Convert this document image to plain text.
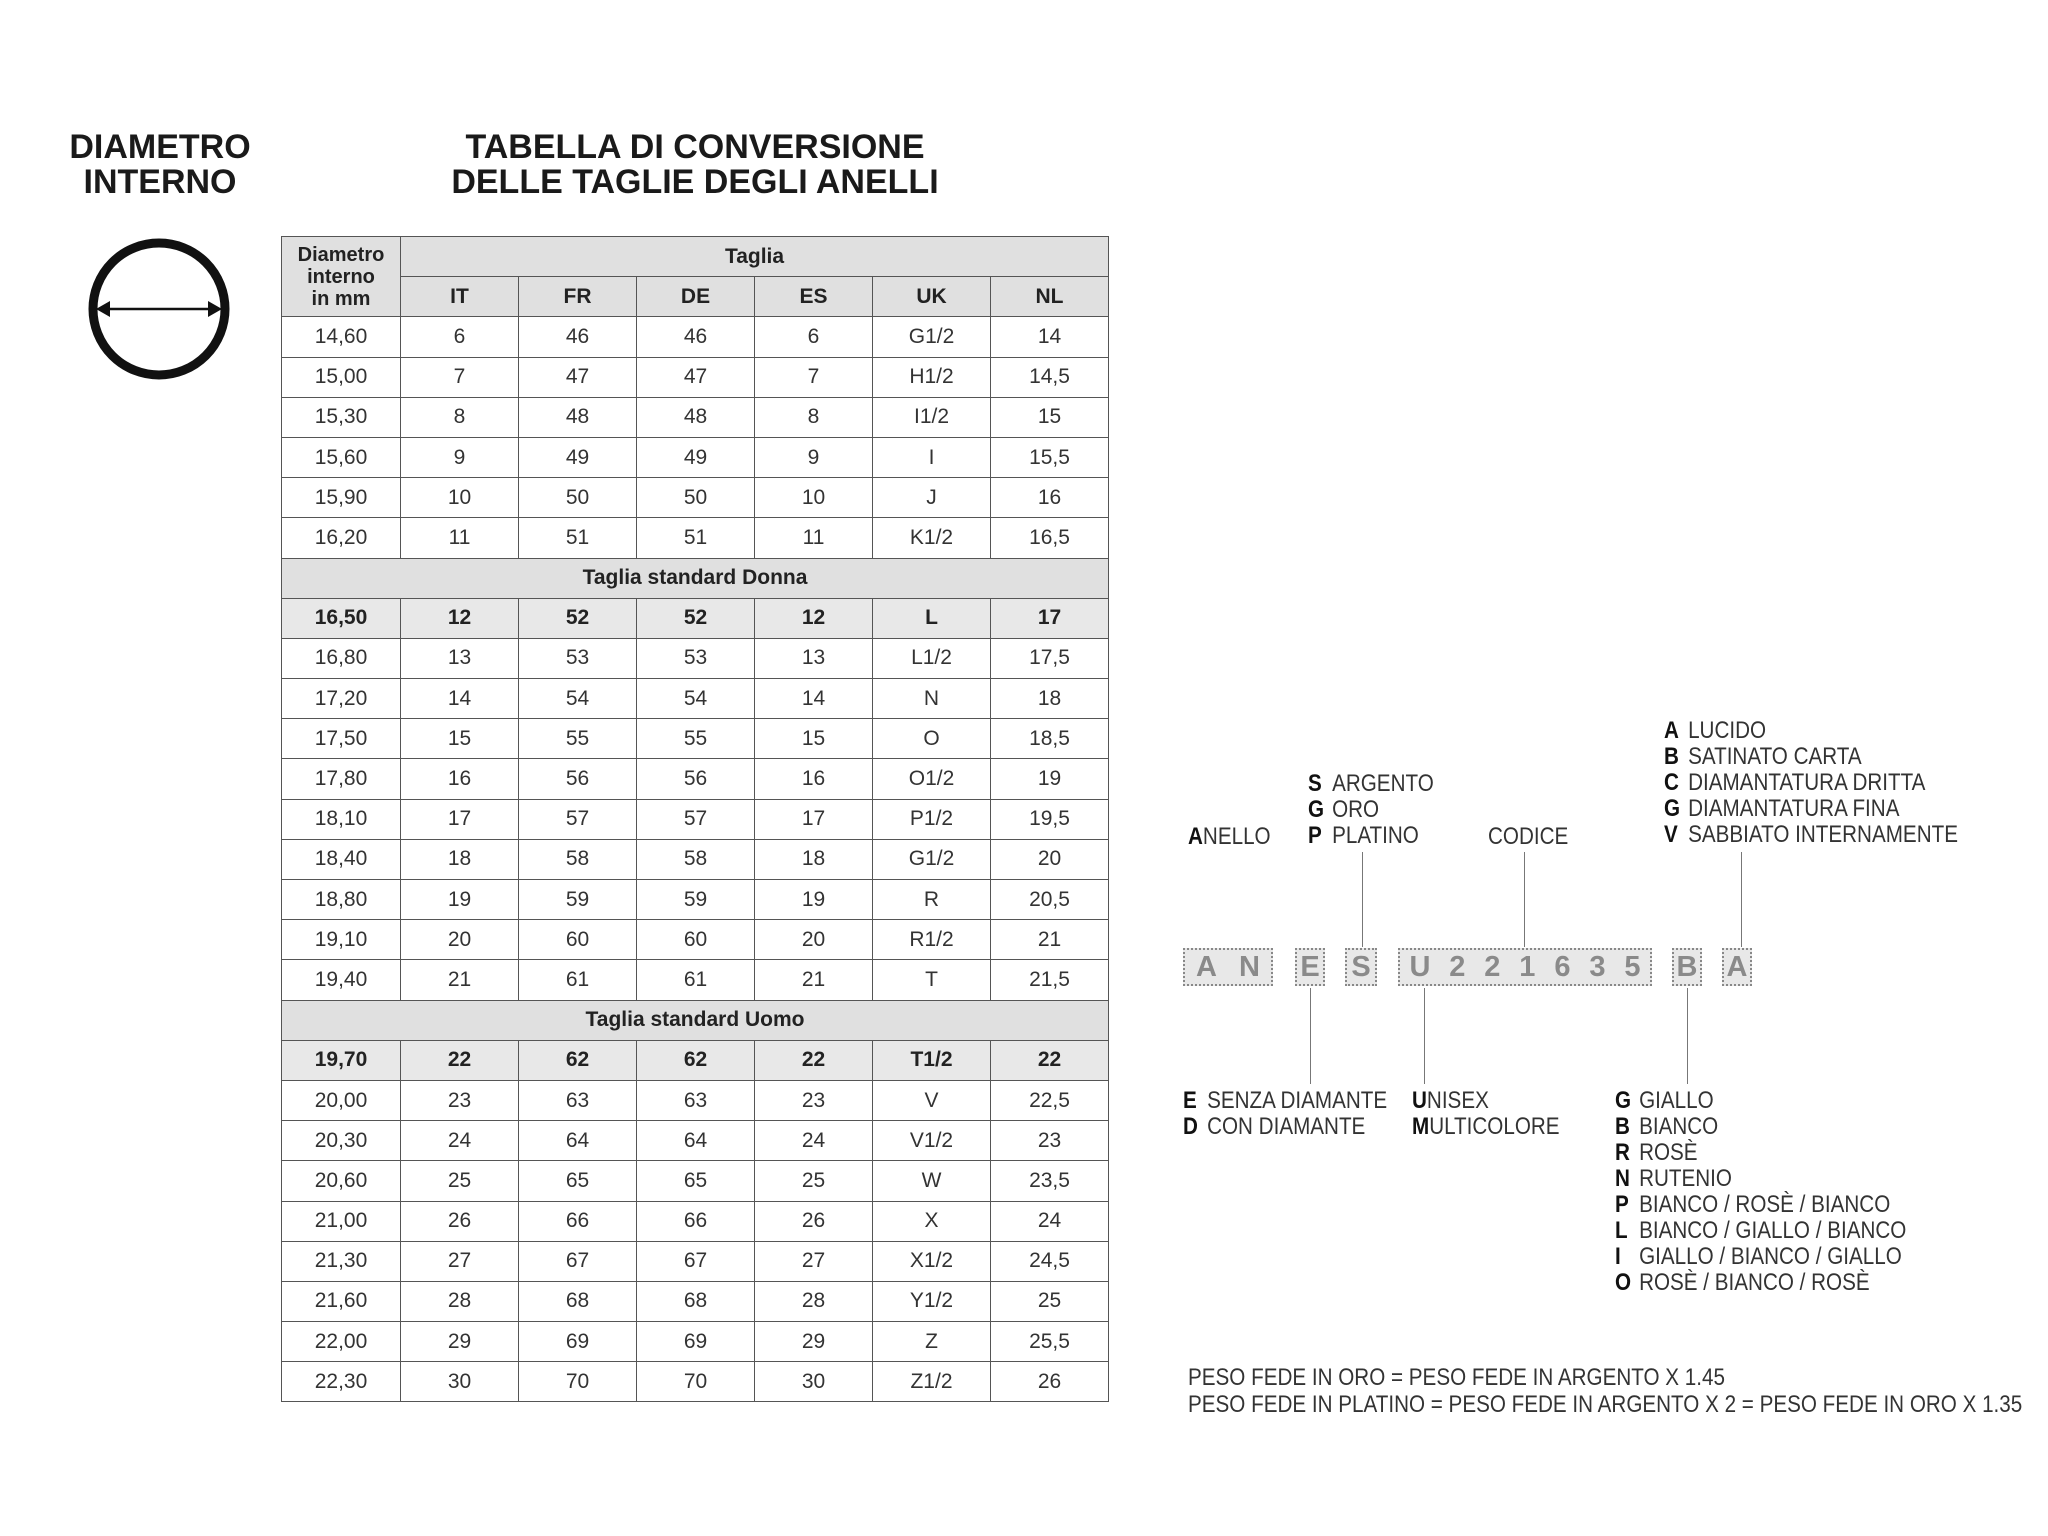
DIAMETRO
INTERNO
TABELLA DI CONVERSIONE
DELLE TAGLIE DEGLI ANELLI
Diametro
interno
in mm	Taglia					
	IT	FR	DE	ES	UK	NL
14,60	6	46	46	6	G1/2	14
15,00	7	47	47	7	H1/2	14,5
15,30	8	48	48	8	I1/2	15
15,60	9	49	49	9	I	15,5
15,90	10	50	50	10	J	16
16,20	11	51	51	11	K1/2	16,5
Taglia standard Donna						
16,50	12	52	52	12	L	17
16,80	13	53	53	13	L1/2	17,5
17,20	14	54	54	14	N	18
17,50	15	55	55	15	O	18,5
17,80	16	56	56	16	O1/2	19
18,10	17	57	57	17	P1/2	19,5
18,40	18	58	58	18	G1/2	20
18,80	19	59	59	19	R	20,5
19,10	20	60	60	20	R1/2	21
19,40	21	61	61	21	T	21,5
Taglia standard Uomo						
19,70	22	62	62	22	T1/2	22
20,00	23	63	63	23	V	22,5
20,30	24	64	64	24	V1/2	23
20,60	25	65	65	25	W	23,5
21,00	26	66	66	26	X	24
21,30	27	67	67	27	X1/2	24,5
21,60	28	68	68	28	Y1/2	25
22,00	29	69	69	29	Z	25,5
22,30	30	70	70	30	Z1/2	26
ANELLO
S ARGENTO
G ORO
P PLATINO	CODICE
A LUCIDO
B SATINATO CARTA
C DIAMANTATURA DRITTA
G DIAMANTATURA FINA
V SABBIATO INTERNAMENTE
A N E S U 2 2 1 6 3 5 B A
E SENZA DIAMANTE
D CON DIAMANTE
UNISEX
MULTICOLORE
G GIALLO
B BIANCO
R ROSÈ
N RUTENIO
P BIANCO / ROSÈ / BIANCO
L BIANCO / GIALLO / BIANCO
I GIALLO / BIANCO / GIALLO
O ROSÈ / BIANCO / ROSÈ
PESO FEDE IN ORO = PESO FEDE IN ARGENTO X 1.45
PESO FEDE IN PLATINO = PESO FEDE IN ARGENTO X 2 = PESO FEDE IN ORO X 1.35
